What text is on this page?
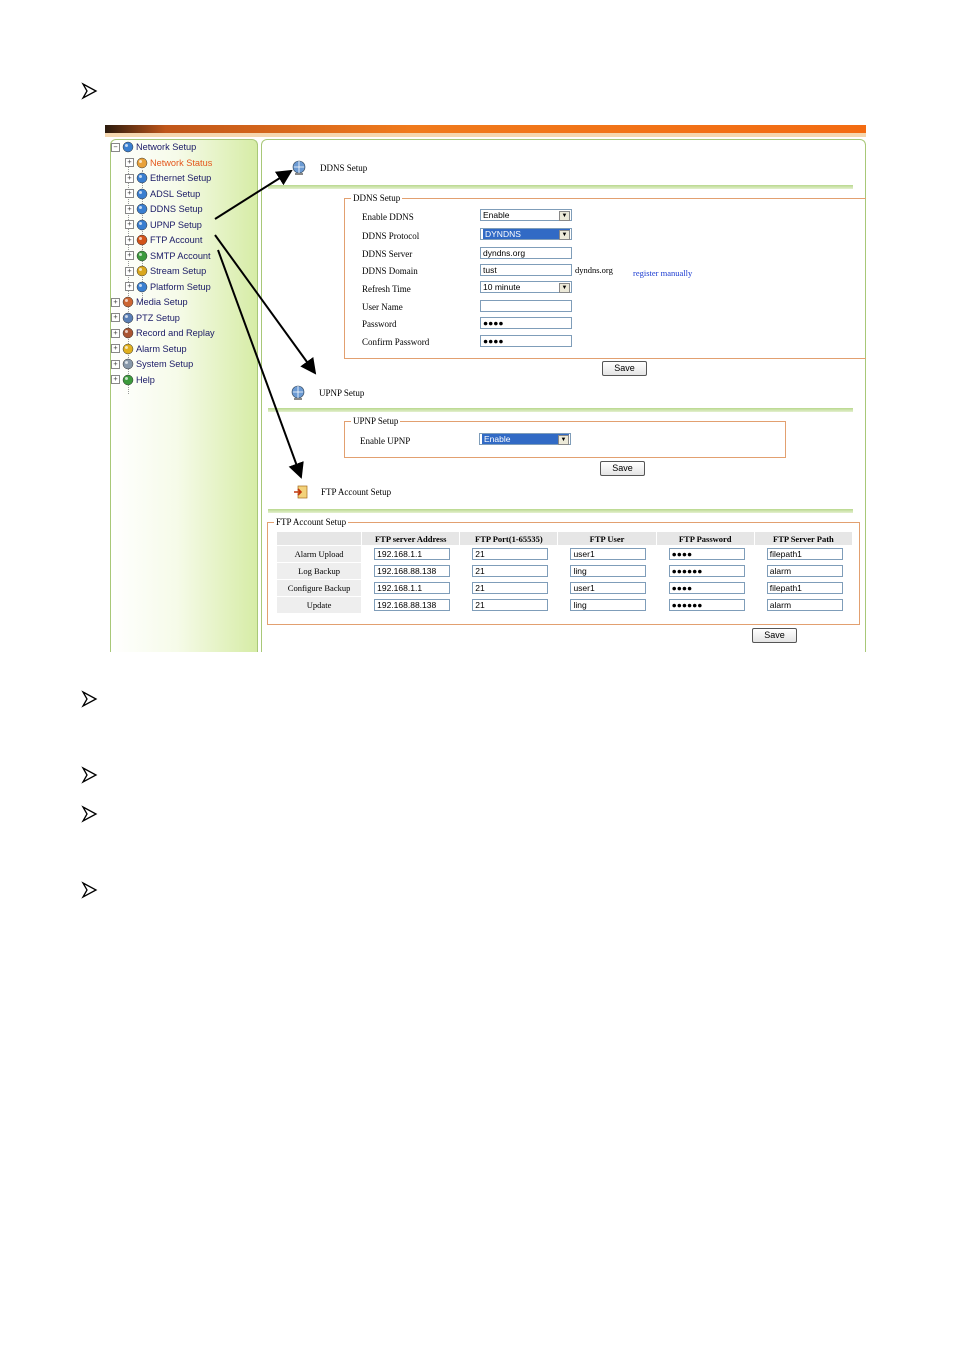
− Network Setup
+ Network Status
+ Ethernet Setup
+ ADSL Setup
+ DDNS Setup
+ UPNP Setup
+ FTP Account
+ SMTP Account
+ Stream Setup
+ Platform Setup
+ Media Setup
+ PTZ Setup
+ Record and Replay
+ Alarm Setup
+ System Setup
+ Help
DDNS Setup
DDNS Setup
Enable DDNS	Enable	▼
DDNS Protocol	DYNDNS	▼
DDNS Server	dyndns.org
DDNS Domain	tust	dyndns.org register manually
Refresh Time	10 minute	▼
User Name
Password	●●●●
Confirm Password	●●●●
Save
UPNP Setup
UPNP Setup
Enable UPNP	Enable	▼
Save
FTP Account Setup
FTP Account Setup
	FTP server Address	FTP Port(1-65535)	FTP User	FTP Password	FTP Server Path
Alarm Upload	192.168.1.1	21	user1	●●●●	filepath1

Log Backup	192.168.88.138	21	ling	●●●●●●	alarm

Configure Backup	192.168.1.1	21	user1	●●●●	filepath1

Update	192.168.88.138	21	ling	●●●●●●	alarm
Save
